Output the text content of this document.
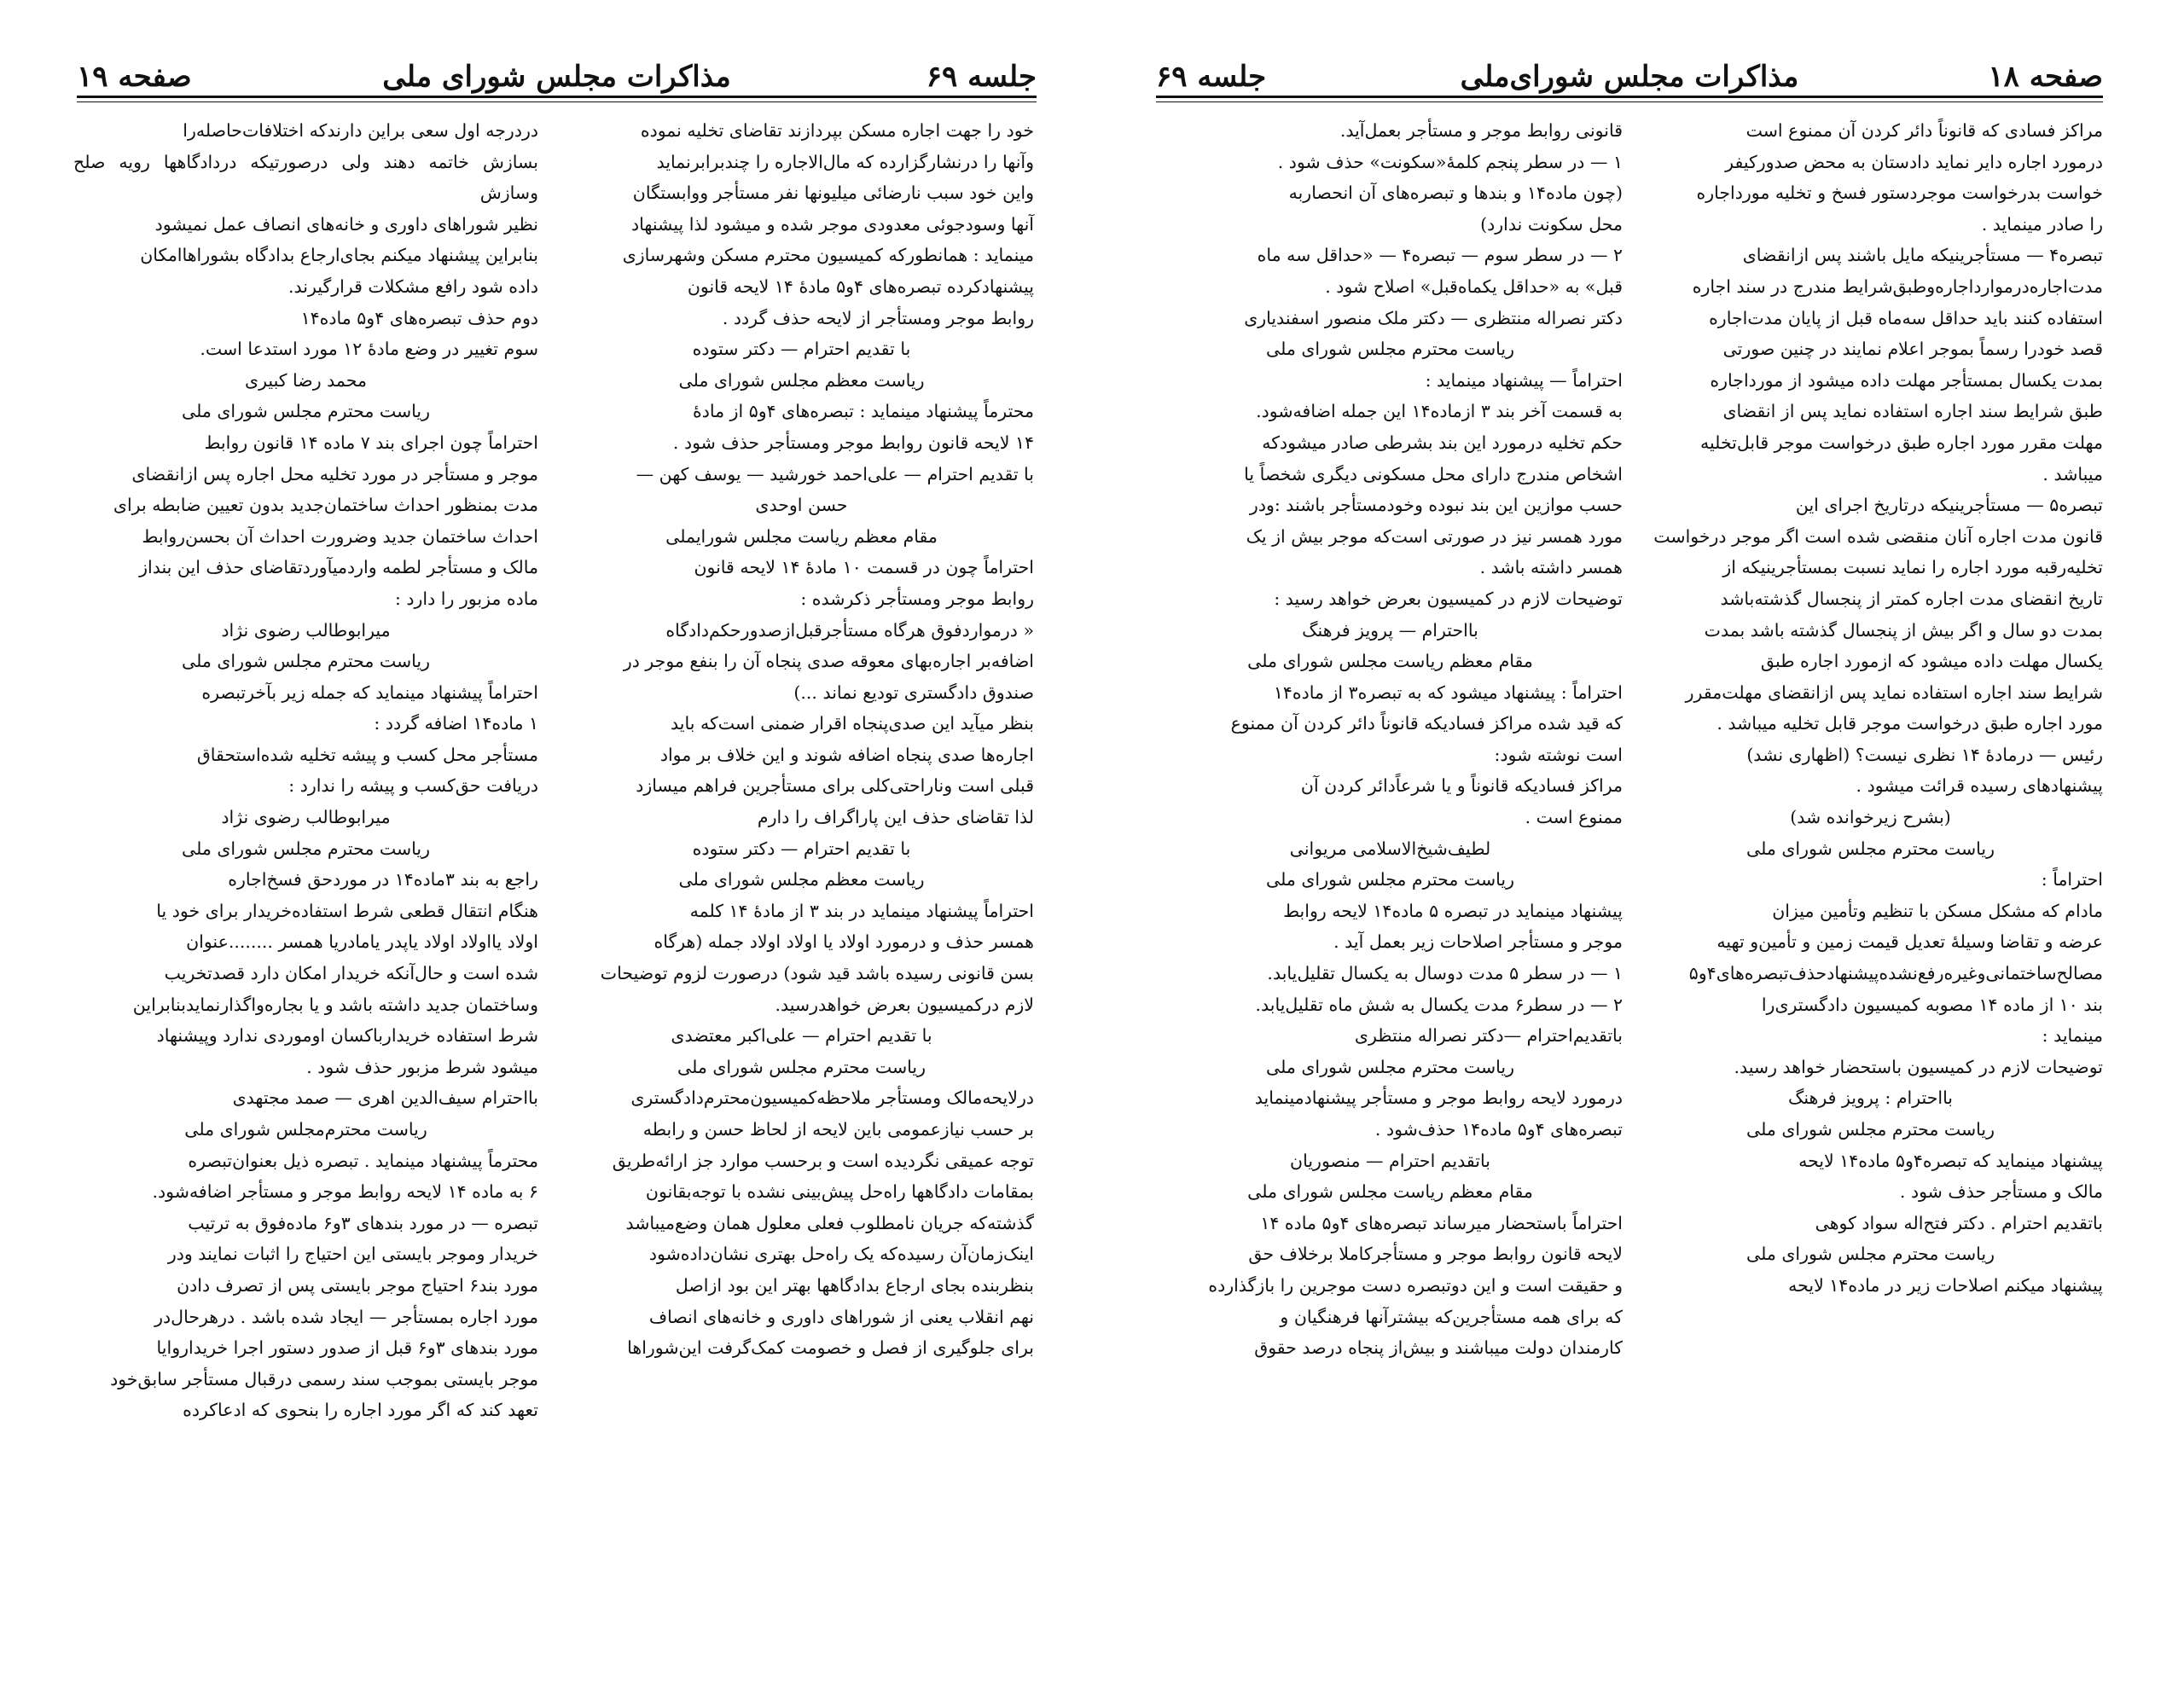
جلسه ۶۹
مذاکرات مجلس شورای ملی
صفحه ۱۹

خود را جهت اجاره مسکن بپردازند تقاضای تخلیه نموده

وآنها را درنشارگزارده که مال‌الاجاره را چندبرابرنماید

واین خود سبب نارضائی میلیونها نفر مستأجر ووابستگان

آنها وسودجوئی معدودی موجر شده و میشود لذا پیشنهاد

مینماید : همانطورکه کمیسیون محترم مسکن وشهرسازی

پیشنهادکرده تبصره‌های ۴و۵ مادهٔ ۱۴ لایحه قانون

روابط موجر ومستأجر از لایحه حذف گردد .

با تقدیم احترام — دکتر ستوده

ریاست معظم مجلس شورای ملی

محترماً پیشنهاد مینماید : تبصره‌های ۴و۵ از مادهٔ

۱۴ لایحه قانون روابط موجر ومستأجر حذف شود .

با تقدیم احترام — علی‌احمد خورشید — یوسف کهن —

حسن اوحدی

مقام معظم ریاست مجلس شورایملی

احتراماً چون در قسمت ۱۰ مادهٔ ۱۴ لایحه قانون

روابط موجر ومستأجر ذکرشده :

« درمواردفوق هرگاه مستأجرقبل‌ازصدورحکم‌دادگاه

اضافه‌بر اجاره‌بهای معوقه صدی پنجاه آن را بنفع موجر در

صندوق دادگستری تودیع نماند ...)

بنظر میآید این صدی‌پنجاه اقرار ضمنی است‌که باید

اجاره‌ها صدی پنجاه اضافه شوند و این خلاف بر مواد

قبلی است وناراحتی‌کلی برای مستأجرین فراهم میسازد

لذا تقاضای حذف این پاراگراف را دارم

با تقدیم احترام — دکتر ستوده

ریاست معظم مجلس شورای ملی

احتراماً پیشنهاد مینماید در بند ۳ از مادهٔ ۱۴ کلمه

همسر حذف و درمورد اولاد یا اولاد اولاد جمله (هرگاه

بسن قانونی رسیده باشد قید شود) درصورت لزوم توضیحات

لازم درکمیسیون بعرض خواهدرسید.

با تقدیم احترام — علی‌اکبر معتضدی

ریاست محترم مجلس شورای ملی

درلایحه‌مالک ومستأجر ملاحظه‌کمیسیون‌محترم‌دادگستری

بر حسب نیازعمومی باین لایحه از لحاظ حسن و رابطه

توجه عمیقی نگردیده است و برحسب موارد جز ارائه‌طریق

بمقامات دادگاهها راه‌حل پیش‌بینی نشده با توجه‌بقانون

گذشته‌که جریان نامطلوب فعلی معلول همان وضع‌میباشد

اینک‌زمان‌آن رسیده‌که یک راه‌حل بهتری نشان‌داده‌شود

بنظربنده بجای ارجاع بدادگاهها بهتر این بود ازاصل

نهم انقلاب یعنی از شوراهای داوری و خانه‌های انصاف

برای جلوگیری از فصل و خصومت کمک‌گرفت این‌شوراها

دردرجه اول سعی براین دارندکه اختلافات‌حاصله‌را

بسازش خاتمه دهند ولی درصورتیکه دردادگاهها رویه صلح وسازش

نظیر شوراهای داوری و خانه‌های انصاف عمل نمیشود

بنابراین پیشنهاد میکنم بجای‌ارجاع بدادگاه بشوراهاامکان

داده شود رافع مشکلات قرارگیرند.

دوم حذف تبصره‌های ۴و۵ ماده‌۱۴

سوم تغییر در وضع مادهٔ ۱۲ مورد استدعا است.

محمد رضا کبیری

ریاست محترم مجلس شورای ملی

احتراماً چون اجرای بند ۷ ماده ۱۴ قانون روابط

موجر و مستأجر در مورد تخلیه محل اجاره پس ازانقضای

مدت بمنظور احداث ساختمان‌جدید بدون تعیین ضابطه برای

احداث ساختمان جدید وضرورت احداث آن بحسن‌روابط

مالک و مستأجر لطمه واردمیآوردتقاضای حذف این بنداز

ماده مزبور را دارد :

میرابوطالب رضوی نژاد

ریاست محترم مجلس شورای ملی

احتراماً پیشنهاد مینماید که جمله زیر بآخرتبصره

۱ ماده‌۱۴ اضافه گردد :

مستأجر محل کسب و پیشه تخلیه شده‌استحقاق

دریافت حق‌کسب و پیشه را ندارد :

میرابوطالب رضوی نژاد

ریاست محترم مجلس شورای ملی

راجع به بند ۳ماده‌۱۴ در موردحق فسخ‌اجاره

هنگام انتقال قطعی شرط استفاده‌خریدار برای خود یا

اولاد یااولاد اولاد یاپدر یامادریا همسر ........عنوان

شده است و حال‌آنکه خریدار امکان دارد قصدتخریب

وساختمان جدید داشته باشد و یا بجاره‌واگذارنماید‌بنابراین

شرط استفاده خریدارباکسان اوموردی ندارد وپیشنهاد

میشود شرط مزبور حذف شود .

بااحترام سیف‌الدین اهری — صمد مجتهدی

ریاست محترم‌مجلس شورای ملی

محترماً پیشنهاد مینماید . تبصره ذیل بعنوان‌تبصره

۶ به ماده ۱۴ لایحه روابط موجر و مستأجر اضافه‌شود.

تبصره — در مورد بندهای ۳و۶ ماده‌فوق به ترتیب

خریدار وموجر بایستی این احتیاج را اثبات نمایند ودر

مورد بند۶ احتیاج موجر بایستی پس از تصرف دادن

مورد اجاره بمستأجر — ایجاد شده باشد . درهرحال‌در

مورد بندهای ۳و۶ قبل از صدور دستور اجرا خریداروایا

موجر بایستی بموجب سند رسمی درقبال مستأجر سابق‌خود

تعهد کند که اگر مورد اجاره را بنحوی که ادعاکرده

صفحه ۱۸
مذاکرات مجلس شورای‌ملی
جلسه ۶۹

مراکز فسادی که قانوناً دائر کردن آن ممنوع است

درمورد اجاره دایر نماید دادستان به محض صدورکیفر‌

خواست بدرخواست موجردستور فسخ و تخلیه مورداجاره

را صادر مینماید .

تبصره۴ — مستأجرینیکه مایل باشند پس ازانقضای

مدت‌اجاره‌درموارداجاره‌وطبق‌شرایط مندرج در سند اجاره

استفاده کنند باید حداقل سه‌ماه قبل از پایان مدت‌اجاره

قصد خودرا رسماً بموجر اعلام نمایند در چنین صورتی

بمدت یکسال بمستأجر مهلت داده میشود از مورداجاره

طبق شرایط سند اجاره استفاده نماید پس از انقضای

مهلت مقرر مورد اجاره طبق درخواست موجر قابل‌تخلیه

میباشد .

تبصره۵ — مستأجرینیکه درتاریخ اجرای این

قانون مدت اجاره آنان منقضی شده است اگر موجر درخواست

تخلیه‌رقبه مورد اجاره را نماید نسبت بمستأجرینیکه از

تاریخ انقضای مدت اجاره کمتر از پنجسال گذشته‌باشد

بمدت دو سال و اگر بیش از پنجسال گذشته باشد بمدت

یکسال مهلت داده میشود که ازمورد اجاره طبق

شرایط سند اجاره استفاده نماید پس ازانقضای مهلت‌مقرر

مورد اجاره طبق درخواست موجر قابل تخلیه میباشد .

رئیس — درمادهٔ ۱۴ نظری نیست؟ (اظهاری نشد)

پیشنهادهای رسیده قرائت میشود .

(بشرح زیرخوانده شد)

ریاست محترم مجلس شورای ملی

احتراماً :

مادام که مشکل مسکن با تنظیم وتأمین میزان

عرضه و تقاضا وسیلهٔ تعدیل قیمت زمین و تأمین‌و تهیه

مصالح‌ساختمانی‌وغیره‌رفع‌نشده‌پیشنهادحذف‌تبصره‌های۴و۵

بند ۱۰ از ماده ۱۴ مصوبه کمیسیون دادگستری‌را

مینماید :

توضیحات لازم در کمیسیون باستحضار خواهد رسید.

بااحترام : پرویز فرهنگ

ریاست محترم مجلس شورای ملی

پیشنهاد مینماید که تبصره۴و۵ ماده‌۱۴ لایحه

مالک و مستأجر حذف شود .

باتقدیم احترام . دکتر فتح‌اله سواد کوهی

ریاست محترم مجلس شورای ملی

پیشنهاد میکنم اصلاحات زیر در ماده‌۱۴ لایحه

قانونی روابط موجر و مستأجر بعمل‌آید.

۱ — در سطر پنجم کلمهٔ«سکونت» حذف شود .

(چون ماده‌۱۴ و بندها و تبصره‌های آن انحصاربه

محل سکونت ندارد)

۲ — در سطر سوم — تبصره‌۴ — «حداقل سه ماه

قبل» به «حداقل یکماه‌قبل» اصلاح شود .

دکتر نصراله منتظری — دکتر ملک منصور اسفندیاری

ریاست محترم مجلس شورای ملی

احتراماً — پیشنهاد مینماید :

به قسمت آخر بند ۳ ازماده‌۱۴ این جمله اضافه‌شود.

حکم تخلیه درمورد این بند بشرطی صادر میشودکه

اشخاص مندرج دارای محل مسکونی دیگری شخصاً یا

حسب موازین این بند نبوده وخودمستأجر باشند :ودر

مورد همسر نیز در صورتی است‌که موجر بیش از یک

همسر داشته باشد .

توضیحات لازم در کمیسیون بعرض خواهد رسید :

بااحترام — پرویز فرهنگ

مقام معظم ریاست مجلس شورای ملی

احتراماً : پیشنهاد میشود که به تبصره‌۳ از ماده‌۱۴

که قید شده مراکز فسادیکه قانوناً دائر کردن آن ممنوع

است نوشته شود:

مراکز فسادیکه قانوناً و یا شرعاًدائر کردن آن

ممنوع است .

لطیف‌شیخ‌الاسلامی مریوانی

ریاست محترم مجلس شورای ملی

پیشنهاد مینماید در تبصره ۵ ماده‌۱۴ لایحه روابط

موجر و مستأجر اصلاحات زیر بعمل آید .

۱ — در سطر ۵ مدت دوسال به یکسال تقلیل‌یابد.

۲ — در سطر۶ مدت یکسال به شش ماه تقلیل‌یابد.

باتقدیم‌احترام —دکتر نصراله منتظری

ریاست محترم مجلس شورای ملی

درمورد لایحه روابط موجر و مستأجر پیشنهادمینماید

تبصره‌های ۴و۵ ماده‌۱۴ حذف‌شود .

باتقدیم احترام — منصوریان

مقام معظم ریاست مجلس شورای ملی

احتراماً باستحضار میرساند تبصره‌های ۴و۵ ماده ۱۴

لایحه قانون روابط موجر و مستأجر‌کاملا برخلاف حق

و حقیقت است و این دوتبصره دست موجرین را بازگذارده

که برای همه مستأجرین‌که بیشترآنها فرهنگیان و

کارمندان دولت میباشند و بیش‌از پنجاه درصد حقوق
